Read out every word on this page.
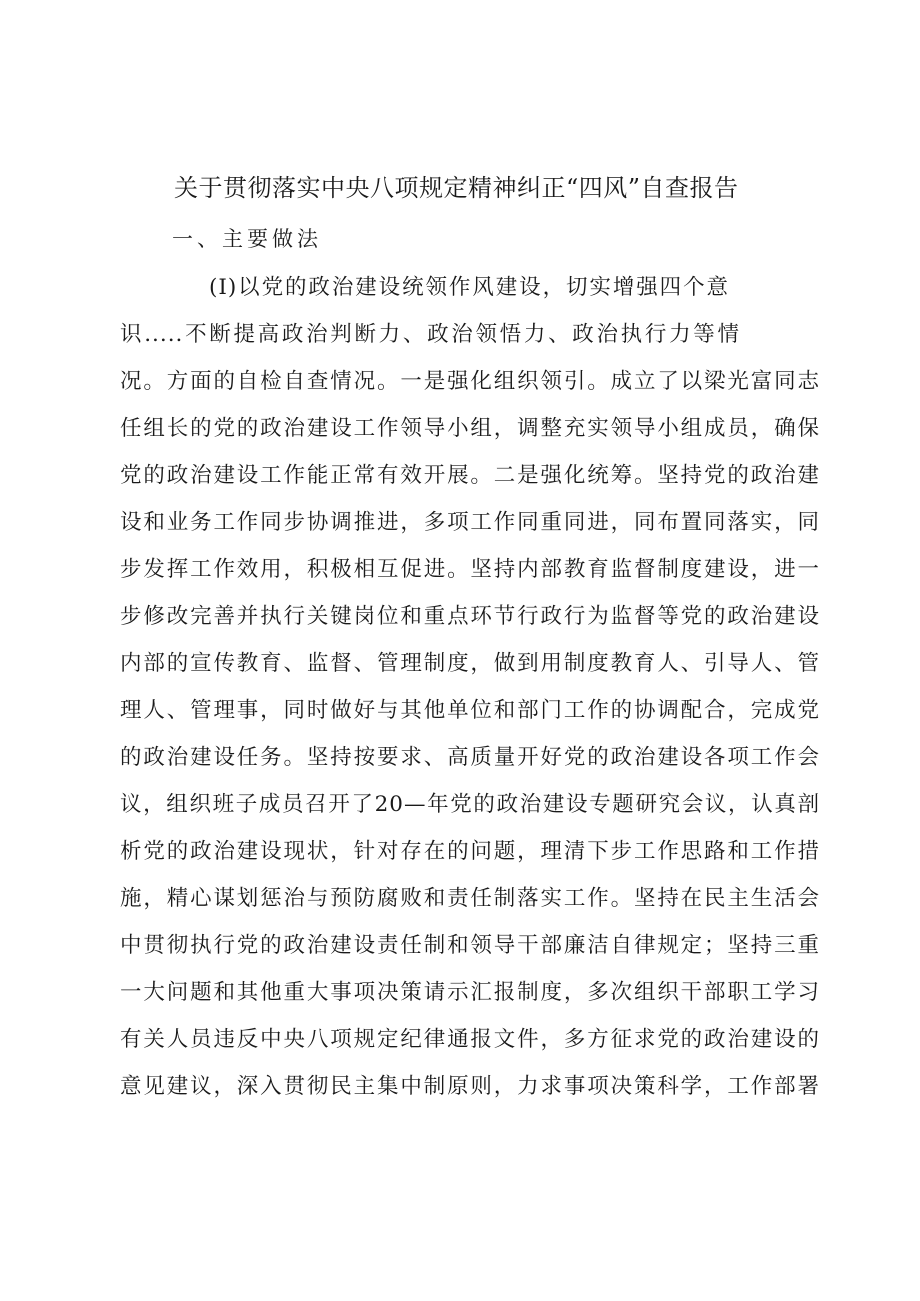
关于贯彻落实中央八项规定精神纠正“四风”自查报告
一、主要做法
(I)以党的政治建设统领作风建设，切实增强四个意
识.....不断提高政治判断力、政治领悟力、政治执行力等情
况。方面的自检自查情况。一是强化组织领引。成立了以梁光富同志
任组长的党的政治建设工作领导小组，调整充实领导小组成员，确保
党的政治建设工作能正常有效开展。二是强化统筹。坚持党的政治建
设和业务工作同步协调推进，多项工作同重同进，同布置同落实，同
步发挥工作效用，积极相互促进。坚持内部教育监督制度建设，进一
步修改完善并执行关键岗位和重点环节行政行为监督等党的政治建设
内部的宣传教育、监督、管理制度，做到用制度教育人、引导人、管
理人、管理事，同时做好与其他单位和部门工作的协调配合，完成党
的政治建设任务。坚持按要求、高质量开好党的政治建设各项工作会
议，组织班子成员召开了20—年党的政治建设专题研究会议，认真剖
析党的政治建设现状，针对存在的问题，理清下步工作思路和工作措
施，精心谋划惩治与预防腐败和责任制落实工作。坚持在民主生活会
中贯彻执行党的政治建设责任制和领导干部廉洁自律规定；坚持三重
一大问题和其他重大事项决策请示汇报制度，多次组织干部职工学习
有关人员违反中央八项规定纪律通报文件，多方征求党的政治建设的
意见建议，深入贯彻民主集中制原则，力求事项决策科学，工作部署
